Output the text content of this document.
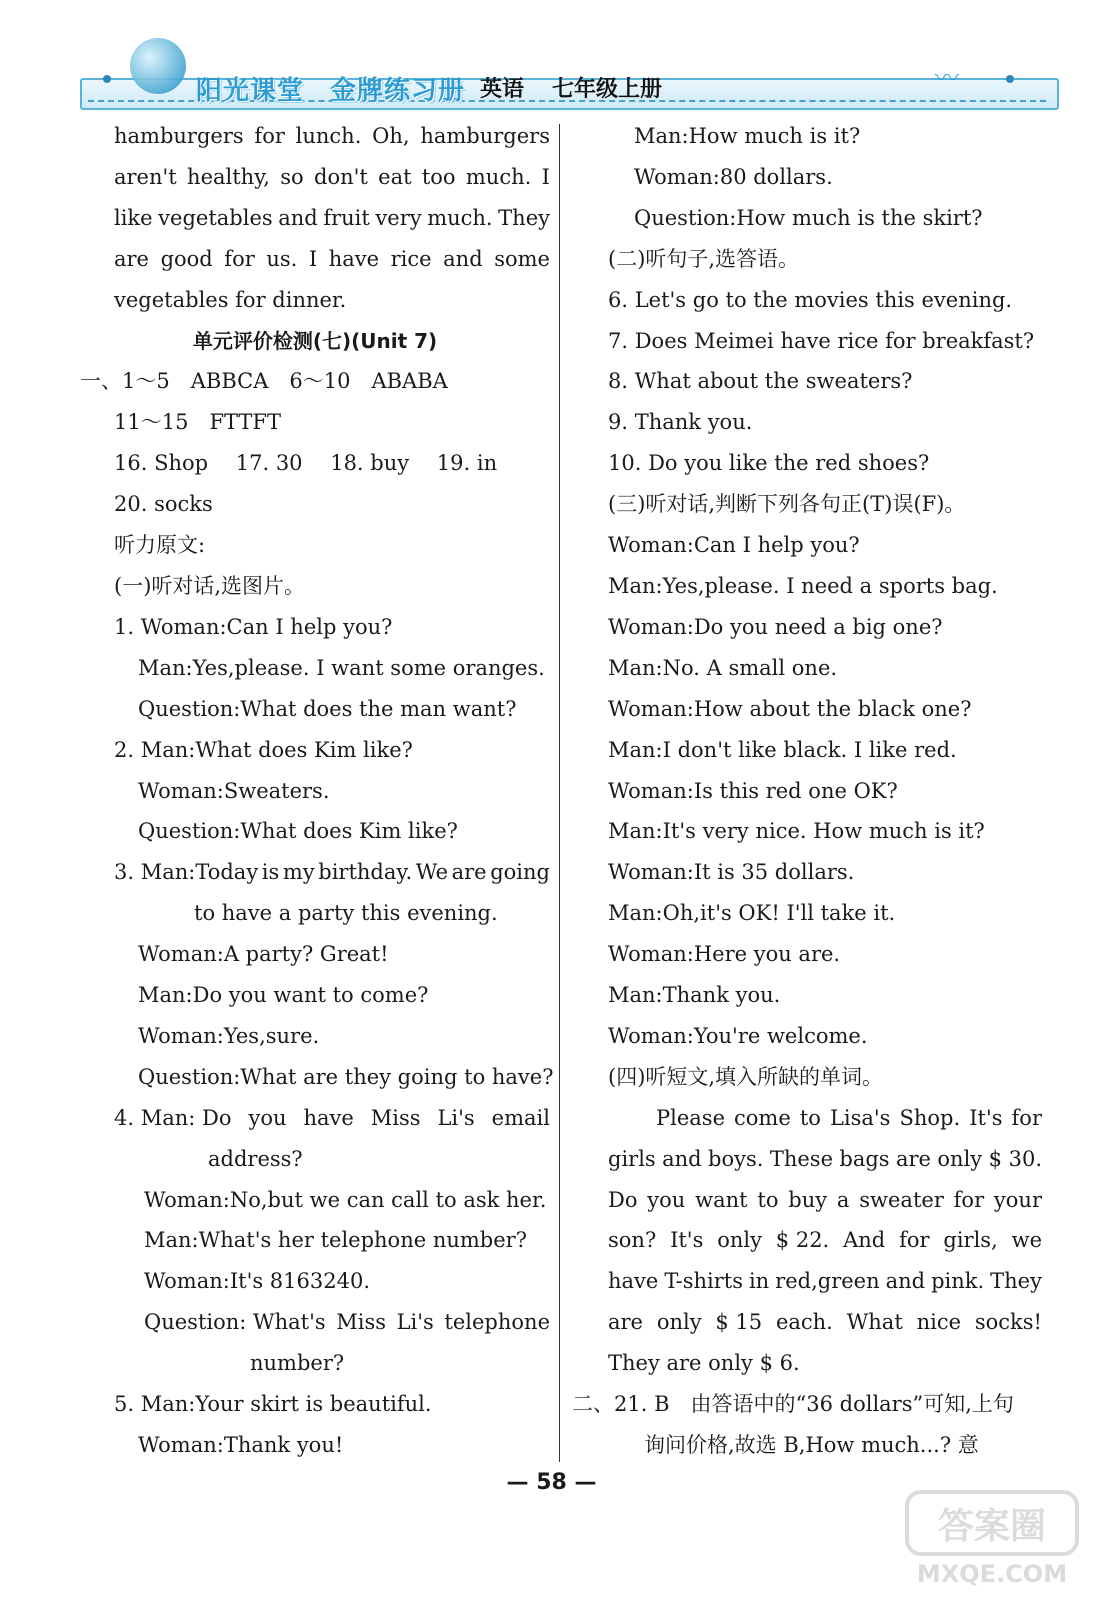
阳光课堂 金牌练习册 英语 七年级上册	〰︎

hamburgers for lunch. Oh, hamburgers

aren't healthy, so don't eat too much. I

like vegetables and fruit very much. They

are good for us. I have rice and some

vegetables for dinner.

单元评价检测(七)(Unit 7)

一、1～5　ABBCA　6～10　ABABA

11～15　FTTFT

16. Shop　 17. 30　 18. buy　 19. in

20. socks

听力原文:

(一)听对话,选图片。

1. Woman:Can I help you?

Man:Yes,please. I want some oranges.

Question:What does the man want?

2. Man:What does Kim like?

Woman:Sweaters.

Question:What does Kim like?

3. Man:Today is my birthday. We are going

to have a party this evening.

Woman:A party? Great!

Man:Do you want to come?

Woman:Yes,sure.

Question:What are they going to have?

4. Man: Do you have Miss Li's email

address?

Woman:No,but we can call to ask her.

Man:What's her telephone number?

Woman:It's 8163240.

Question: What's Miss Li's telephone

number?

5. Man:Your skirt is beautiful.

Woman:Thank you!

Man:How much is it?

Woman:80 dollars.

Question:How much is the skirt?

(二)听句子,选答语。

6. Let's go to the movies this evening.

7. Does Meimei have rice for breakfast?

8. What about the sweaters?

9. Thank you.

10. Do you like the red shoes?

(三)听对话,判断下列各句正(T)误(F)。

Woman:Can I help you?

Man:Yes,please. I need a sports bag.

Woman:Do you need a big one?

Man:No. A small one.

Woman:How about the black one?

Man:I don't like black. I like red.

Woman:Is this red one OK?

Man:It's very nice. How much is it?

Woman:It is 35 dollars.

Man:Oh,it's OK! I'll take it.

Woman:Here you are.

Man:Thank you.

Woman:You're welcome.

(四)听短文,填入所缺的单词。

Please come to Lisa's Shop. It's for

girls and boys. These bags are only $ 30.

Do you want to buy a sweater for your

son? It's only $ 22. And for girls, we

have T-shirts in red,green and pink. They

are only $ 15 each. What nice socks!

They are only $ 6.

二、21. B　由答语中的“36 dollars”可知,上句

询问价格,故选 B,How much...? 意

— 58 —
答案圈
MXQE.COM
